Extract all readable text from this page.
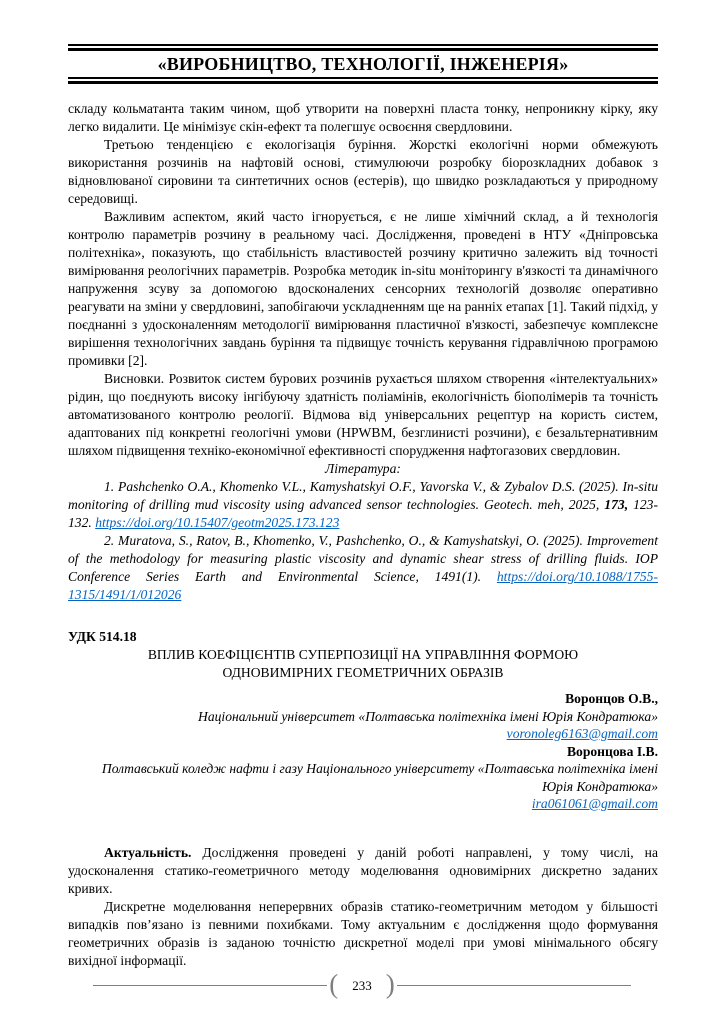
«ВИРОБНИЦТВО, ТЕХНОЛОГІЇ, ІНЖЕНЕРІЯ»

складу кольматанта таким чином, щоб утворити на поверхні пласта тонку, непроникну кірку, яку легко видалити. Це мінімізує скін-ефект та полегшує освоєння свердловини.

Третьою тенденцією є екологізація буріння. Жорсткі екологічні норми обмежують використання розчинів на нафтовій основі, стимулюючи розробку біорозкладних добавок з відновлюваної сировини та синтетичних основ (естерів), що швидко розкладаються у природному середовищі.

Важливим аспектом, який часто ігнорується, є не лише хімічний склад, а й технологія контролю параметрів розчину в реальному часі. Дослідження, проведені в НТУ «Дніпровська політехніка», показують, що стабільність властивостей розчину критично залежить від точності вимірювання реологічних параметрів. Розробка методик in-situ моніторингу в'язкості та динамічного напруження зсуву за допомогою вдосконалених сенсорних технологій дозволяє оперативно реагувати на зміни у свердловині, запобігаючи ускладненням ще на ранніх етапах [1]. Такий підхід, у поєднанні з удосконаленням методології вимірювання пластичної в'язкості, забезпечує комплексне вирішення технологічних завдань буріння та підвищує точність керування гідравлічною програмою промивки [2].

Висновки. Розвиток систем бурових розчинів рухається шляхом створення «інтелектуальних» рідин, що поєднують високу інгібуючу здатність поліамінів, екологічність біополімерів та точність автоматизованого контролю реології. Відмова від універсальних рецептур на користь систем, адаптованих під конкретні геологічні умови (HPWBM, безглинисті розчини), є безальтернативним шляхом підвищення техніко-економічної ефективності спорудження нафтогазових свердловин.

Література:

1. Pashchenko O.A., Khomenko V.L., Kamyshatskyi O.F., Yavorska V., & Zybalov D.S. (2025). In-situ monitoring of drilling mud viscosity using advanced sensor technologies. Geotech. meh, 2025, 173, 123-132. https://doi.org/10.15407/geotm2025.173.123

2. Muratova, S., Ratov, B., Khomenko, V., Pashchenko, O., & Kamyshatskyi, O. (2025). Improvement of the methodology for measuring plastic viscosity and dynamic shear stress of drilling fluids. IOP Conference Series Earth and Environmental Science, 1491(1). https://doi.org/10.1088/1755-1315/1491/1/012026

УДК 514.18
ВПЛИВ КОЕФІЦІЄНТІВ СУПЕРПОЗИЦІЇ НА УПРАВЛІННЯ ФОРМОЮ ОДНОВИМІРНИХ ГЕОМЕТРИЧНИХ ОБРАЗІВ
Воронцов О.В.,
Національний університет «Полтавська політехніка імені Юрія Кондратюка»
voronoleg6163@gmail.com
Воронцова І.В.
Полтавський коледж нафти і газу Національного університету «Полтавська політехніка імені Юрія Кондратюка»
ira061061@gmail.com

Актуальність. Дослідження проведені у даній роботі направлені, у тому числі, на удосконалення статико-геометричного методу моделювання одновимірних дискретно заданих кривих.

Дискретне моделювання неперервних образів статико-геометричним методом у більшості випадків пов’язано із певними похибками. Тому актуальним є дослідження щодо формування геометричних образів із заданою точністю дискретної моделі при умові мінімального обсягу вихідної інформації.

(	233 )
